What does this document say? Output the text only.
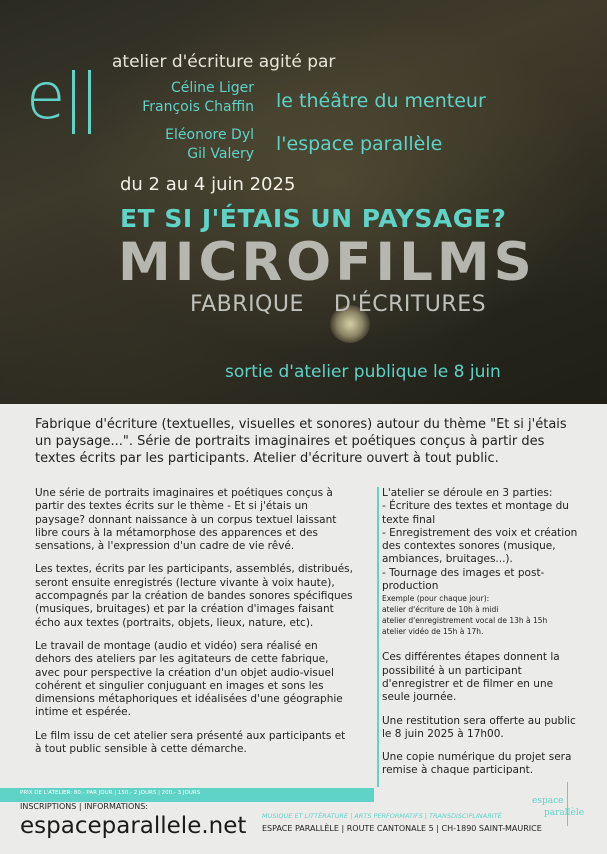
e	atelier d'écriture agité par
Céline Liger
François Chaffin
Eléonore Dyl
Gil Valery
le théâtre du menteur
l'espace parallèle
du 2 au 4 juin 2025
ET SI J'ÉTAIS UN PAYSAGE?
MICROFILMS
FABRIQUE    D'ÉCRITURES
sortie d'atelier publique le 8 juin
Fabrique d'écriture (textuelles, visuelles et sonores) autour du thème "Et si j'étais un paysage...". Série de portraits imaginaires et poétiques conçus à partir des textes écrits par les participants. Atelier d'écriture ouvert à tout public.

Une série de portraits imaginaires et poétiques conçus à partir des textes écrits sur le thème - Et si j'étais un paysage? donnant naissance à un corpus textuel laissant libre cours à la métamorphose des apparences et des sensations, à l'expression d'un cadre de vie rêvé.

Les textes, écrits par les participants, assemblés, distribués, seront ensuite enregistrés (lecture vivante à voix haute), accompagnés par la création de bandes sonores spécifiques (musiques, bruitages) et par la création d'images faisant écho aux textes (portraits, objets, lieux, nature, etc).

Le travail de montage (audio et vidéo) sera réalisé en dehors des ateliers par les agitateurs de cette fabrique, avec pour perspective la création d'un objet audio-visuel cohérent et singulier conjuguant en images et sons les dimensions métaphoriques et idéalisées d'une géographie intime et espérée.

Le film issu de cet atelier sera présenté aux participants et à tout public sensible à cette démarche.

L'atelier se déroule en 3 parties:
- Écriture des textes et montage du texte final
- Enregistrement des voix et création des contextes sonores (musique, ambiances, bruitages...).
- Tournage des images et post-production
Exemple (pour chaque jour):
atelier d'écriture de 10h à midi
atelier d'enregistrement vocal de 13h à 15h
atelier vidéo de 15h à 17h.

Ces différentes étapes donnent la possibilité à un participant d'enregistrer et de filmer en une seule journée.

Une restitution sera offerte au public le 8 juin 2025 à 17h00.

Une copie numérique du projet sera remise à chaque participant.

PRIX DE L'ATELIER: 80.- PAR JOUR | 150.- 2 JOURS | 200.- 3 JOURS
INSCRIPTIONS | INFORMATIONS:
espaceparallele.net MUSIQUE ET LITTÉRATURE | ARTS PERFORMATIFS | TRANSDISCIPLINARITÉ
ESPACE PARALLÈLE | ROUTE CANTONALE 5 | CH-1890 SAINT-MAURICE
espace
parallèle
